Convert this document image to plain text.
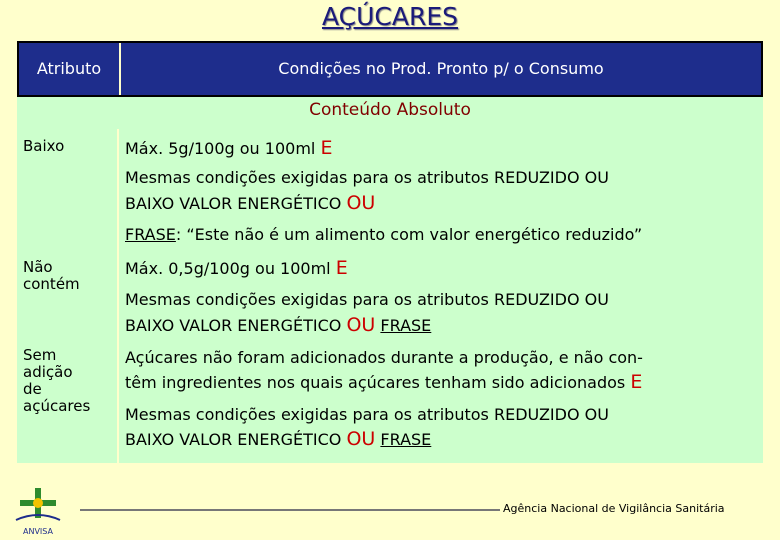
AÇÚCARES
Atributo	Condições no Prod. Pronto p/ o Consumo
Conteúdo Absoluto
Baixo	Máx. 5g/100g ou 100ml E
Mesmas condições exigidas para os atributos REDUZIDO OU
BAIXO VALOR ENERGÉTICO OU
FRASE: “Este não é um alimento com valor energético reduzido”
Não
contém
Máx. 0,5g/100g ou 100ml E
Mesmas condições exigidas para os atributos REDUZIDO OU
BAIXO VALOR ENERGÉTICO OU FRASE
Sem
adição
de
açúcares
Açúcares não foram adicionados durante a produção, e não con-
têm ingredientes nos quais açúcares tenham sido adicionados E
Mesmas condições exigidas para os atributos REDUZIDO OU
BAIXO VALOR ENERGÉTICO OU FRASE
ANVISA
Agência Nacional de Vigilância Sanitária
